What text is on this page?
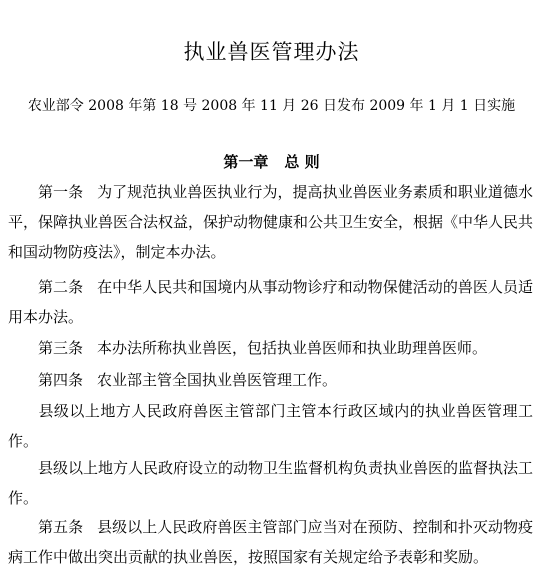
执业兽医管理办法
农业部令 2008 年第 18 号 2008 年 11 月 26 日发布 2009 年 1 月 1 日实施
第一章 总 则
第一条 为了规范执业兽医执业行为，提高执业兽医业务素质和职业道德水平，保障执业兽医合法权益，保护动物健康和公共卫生安全，根据《中华人民共和国动物防疫法》，制定本办法。
第二条 在中华人民共和国境内从事动物诊疗和动物保健活动的兽医人员适用本办法。
第三条 本办法所称执业兽医，包括执业兽医师和执业助理兽医师。
第四条 农业部主管全国执业兽医管理工作。
县级以上地方人民政府兽医主管部门主管本行政区域内的执业兽医管理工作。
县级以上地方人民政府设立的动物卫生监督机构负责执业兽医的监督执法工作。
第五条 县级以上人民政府兽医主管部门应当对在预防、控制和扑灭动物疫病工作中做出突出贡献的执业兽医，按照国家有关规定给予表彰和奖励。
